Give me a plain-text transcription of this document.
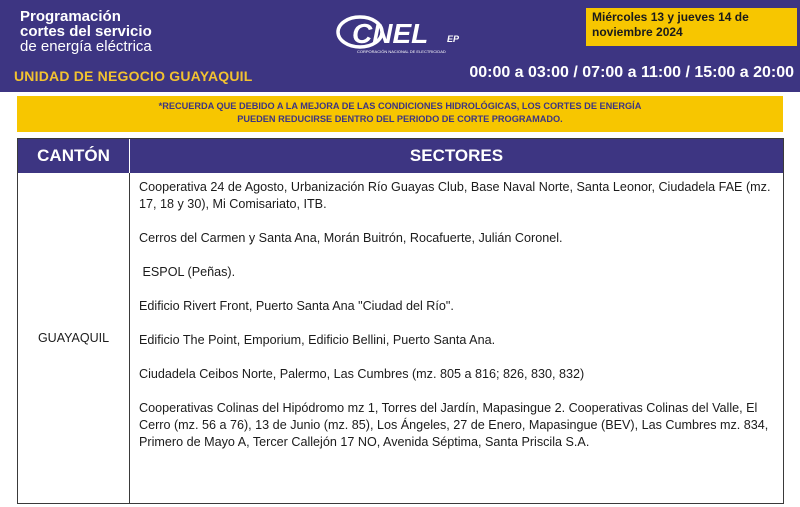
Programación
cortes del servicio
de energía eléctrica
UNIDAD DE NEGOCIO GUAYAQUIL
CNEL EP
CORPORACIÓN NACIONAL DE ELECTRICIDAD
Miércoles 13 y jueves 14 de noviembre 2024
00:00 a 03:00 / 07:00 a 11:00 / 15:00 a 20:00
*RECUERDA QUE DEBIDO A LA MEJORA DE LAS CONDICIONES HIDROLÓGICAS, LOS CORTES DE ENERGÍA
PUEDEN REDUCIRSE DENTRO DEL PERIODO DE CORTE PROGRAMADO.
CANTÓN	SECTORES
GUAYAQUIL

Cooperativa 24 de Agosto, Urbanización Río Guayas Club, Base Naval Norte, Santa Leonor, Ciudadela FAE (mz. 17, 18 y 30), Mi Comisariato, ITB.

Cerros del Carmen y Santa Ana, Morán Buitrón, Rocafuerte, Julián Coronel.

ESPOL (Peñas).

Edificio Rivert Front, Puerto Santa Ana "Ciudad del Río".

Edificio The Point, Emporium, Edificio Bellini, Puerto Santa Ana.

Ciudadela Ceibos Norte, Palermo, Las Cumbres (mz. 805 a 816; 826, 830, 832)

Cooperativas Colinas del Hipódromo mz 1, Torres del Jardín, Mapasingue 2. Cooperativas Colinas del Valle, El Cerro (mz. 56 a 76), 13 de Junio (mz. 85), Los Ángeles, 27 de Enero, Mapasingue (BEV), Las Cumbres mz. 834, Primero de Mayo A, Tercer Callejón 17 NO, Avenida Séptima, Santa Priscila S.A.
